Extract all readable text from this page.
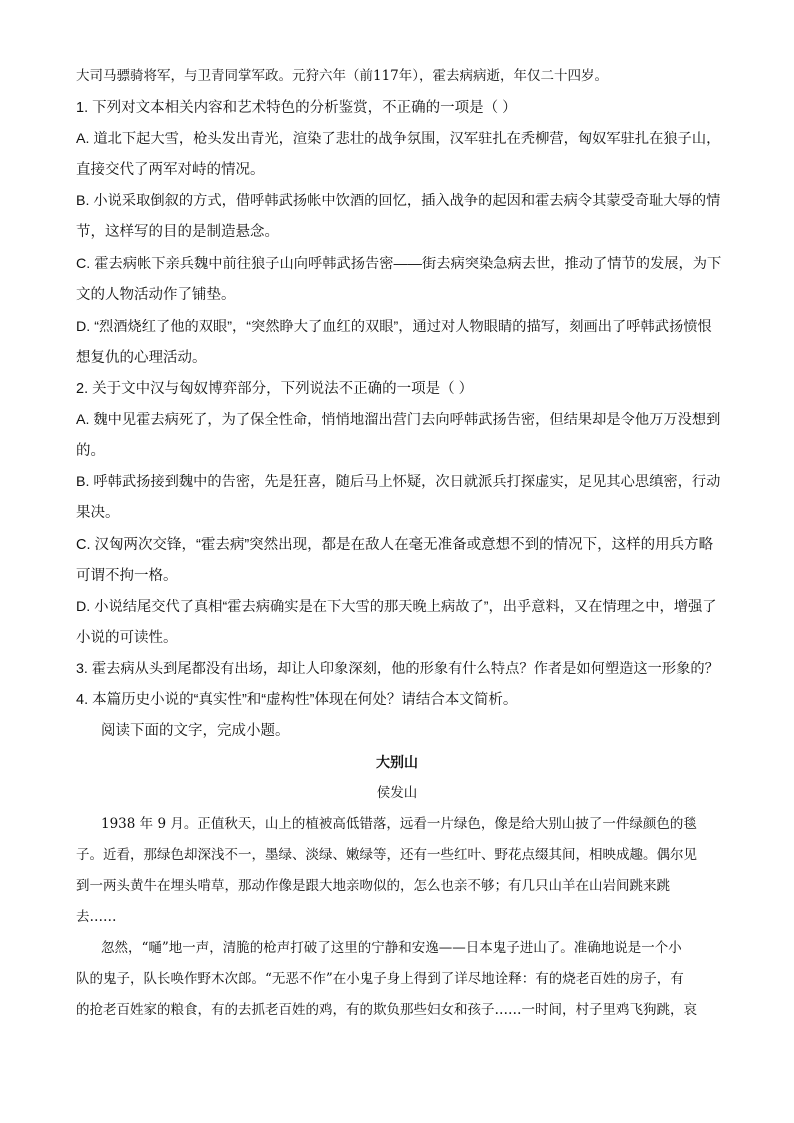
大司马骠骑将军，与卫青同掌军政。元狩六年（前117年），霍去病病逝，年仅二十四岁。
1. 下列对文本相关内容和艺术特色的分析鉴赏，不正确的一项是（ ）
A. 道北下起大雪，枪头发出青光，渲染了悲壮的战争氛围，汉军驻扎在秃柳营，匈奴军驻扎在狼子山，
直接交代了两军对峙的情况。
B. 小说采取倒叙的方式，借呼韩武扬帐中饮酒的回忆，插入战争的起因和霍去病令其蒙受奇耻大辱的情
节，这样写的目的是制造悬念。
C. 霍去病帐下亲兵魏中前往狼子山向呼韩武扬告密——街去病突染急病去世，推动了情节的发展，为下
文的人物活动作了铺垫。
D. “烈酒烧红了他的双眼”，“突然睁大了血红的双眼”，通过对人物眼睛的描写，刻画出了呼韩武扬愤恨
想复仇的心理活动。
2. 关于文中汉与匈奴博弈部分，下列说法不正确的一项是（ ）
A. 魏中见霍去病死了，为了保全性命，悄悄地溜出营门去向呼韩武扬告密，但结果却是令他万万没想到
的。
B. 呼韩武扬接到魏中的告密，先是狂喜，随后马上怀疑，次日就派兵打探虚实，足见其心思缜密，行动
果决。
C. 汉匈两次交锋，“霍去病”突然出现，都是在敌人在毫无准备或意想不到的情况下，这样的用兵方略
可谓不拘一格。
D. 小说结尾交代了真相“霍去病确实是在下大雪的那天晚上病故了”，出乎意料，又在情理之中，增强了
小说的可读性。
3. 霍去病从头到尾都没有出场，却让人印象深刻，他的形象有什么特点？作者是如何塑造这一形象的？
4. 本篇历史小说的“真实性”和“虚构性”体现在何处？请结合本文简析。
阅读下面的文字，完成小题。
大别山
侯发山
1938 年 9 月。正值秋天，山上的植被高低错落，远看一片绿色，像是给大别山披了一件绿颜色的毯
子。近看，那绿色却深浅不一，墨绿、淡绿、嫩绿等，还有一些红叶、野花点缀其间，相映成趣。偶尔见
到一两头黄牛在埋头啃草，那动作像是跟大地亲吻似的，怎么也亲不够；有几只山羊在山岩间跳来跳
去……
忽然，“嗵”地一声，清脆的枪声打破了这里的宁静和安逸——日本鬼子进山了。准确地说是一个小
队的鬼子，队长唤作野木次郎。“无恶不作”在小鬼子身上得到了详尽地诠释：有的烧老百姓的房子，有
的抢老百姓家的粮食，有的去抓老百姓的鸡，有的欺负那些妇女和孩子……一时间，村子里鸡飞狗跳，哀
